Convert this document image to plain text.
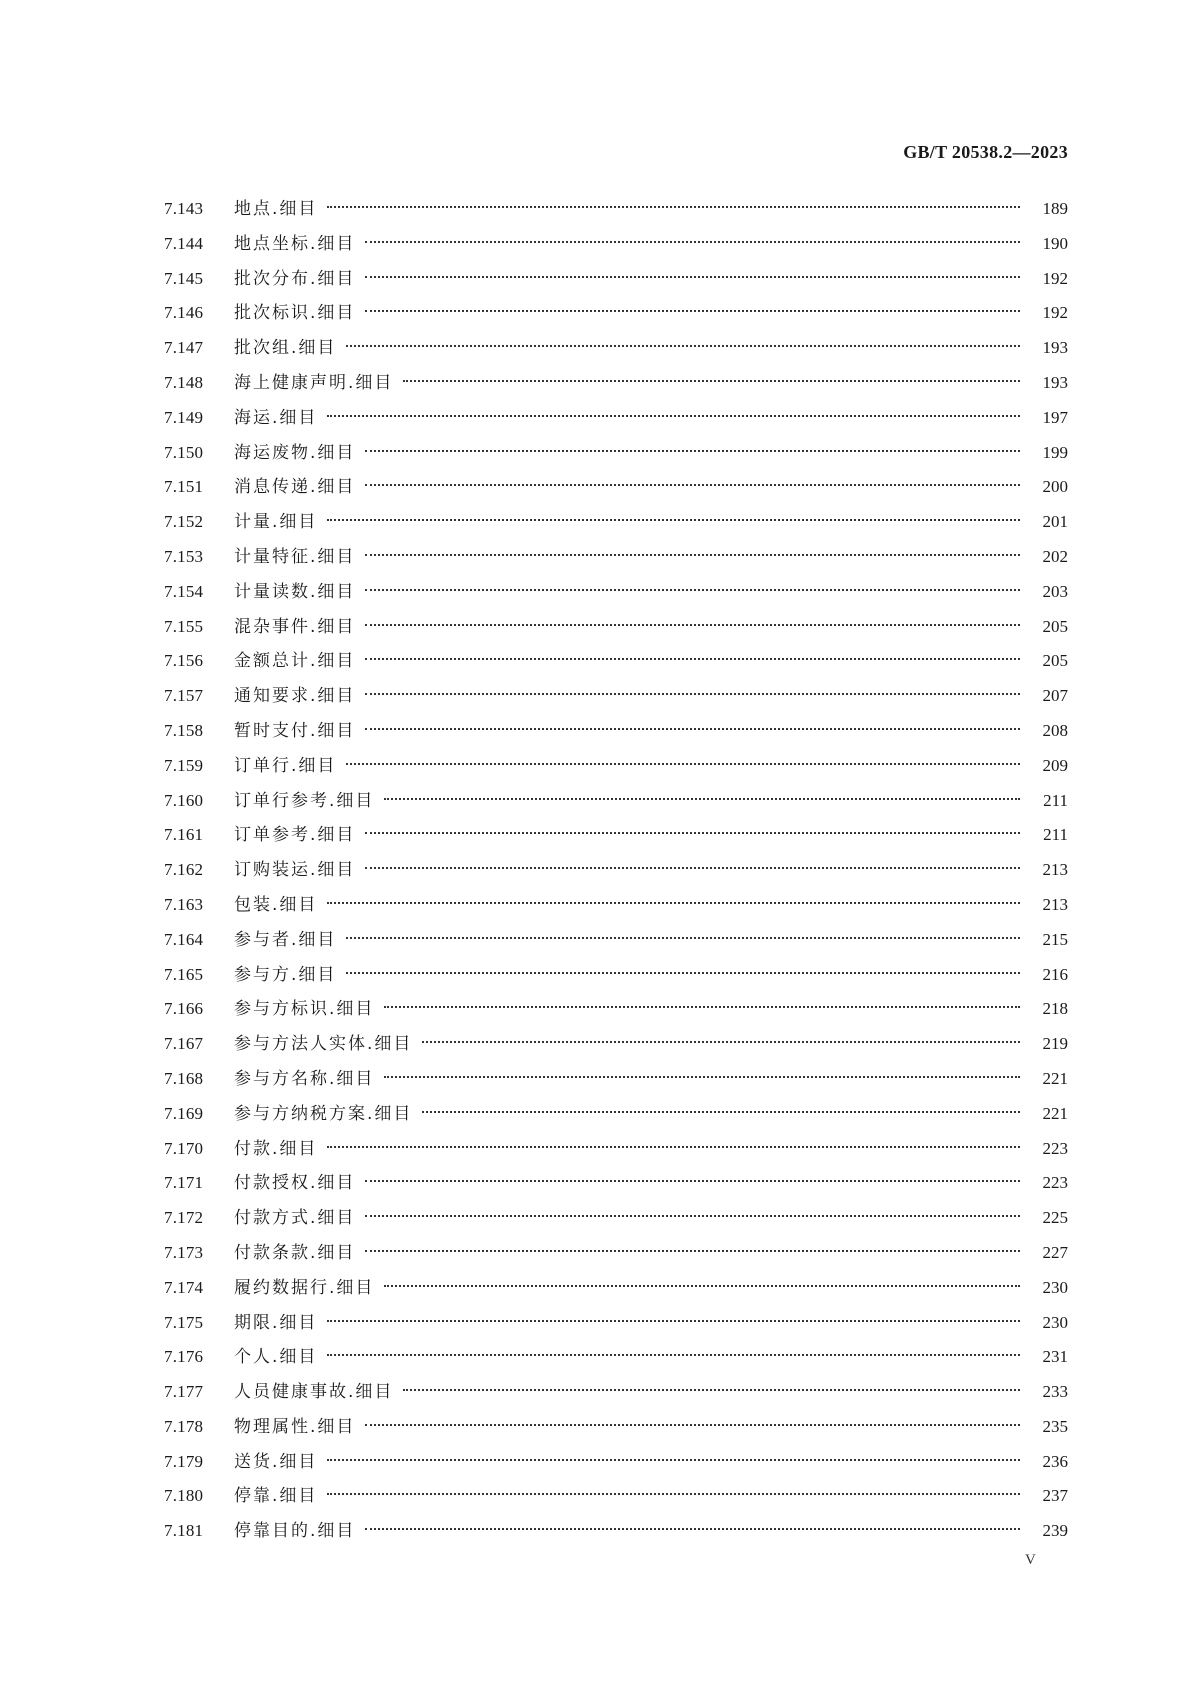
GB/T 20538.2—2023
7.143	地点.细目	189
7.144	地点坐标.细目	190
7.145	批次分布.细目	192
7.146	批次标识.细目	192
7.147	批次组.细目	193
7.148	海上健康声明.细目	193
7.149	海运.细目	197
7.150	海运废物.细目	199
7.151	消息传递.细目	200
7.152	计量.细目	201
7.153	计量特征.细目	202
7.154	计量读数.细目	203
7.155	混杂事件.细目	205
7.156	金额总计.细目	205
7.157	通知要求.细目	207
7.158	暂时支付.细目	208
7.159	订单行.细目	209
7.160	订单行参考.细目	211
7.161	订单参考.细目	211
7.162	订购装运.细目	213
7.163	包装.细目	213
7.164	参与者.细目	215
7.165	参与方.细目	216
7.166	参与方标识.细目	218
7.167	参与方法人实体.细目	219
7.168	参与方名称.细目	221
7.169	参与方纳税方案.细目	221
7.170	付款.细目	223
7.171	付款授权.细目	223
7.172	付款方式.细目	225
7.173	付款条款.细目	227
7.174	履约数据行.细目	230
7.175	期限.细目	230
7.176	个人.细目	231
7.177	人员健康事故.细目	233
7.178	物理属性.细目	235
7.179	送货.细目	236
7.180	停靠.细目	237
7.181	停靠目的.细目	239
V
